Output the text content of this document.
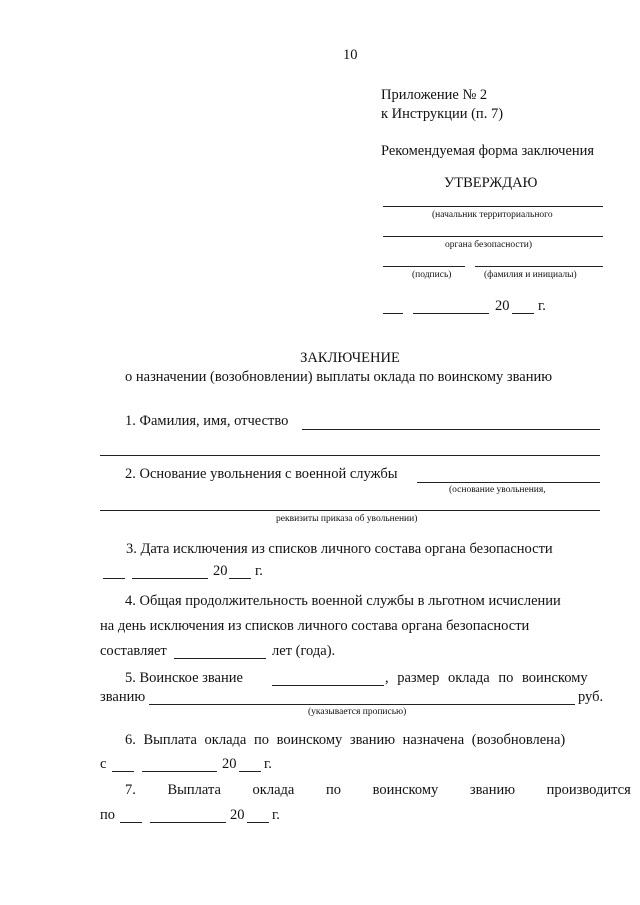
10
Приложение № 2
к Инструкции (п. 7)
Рекомендуемая форма заключения
УТВЕРЖДАЮ
(начальник территориального
органа безопасности)
(подпись)	(фамилия и инициалы)
20 г.
ЗАКЛЮЧЕНИЕ
о назначении (возобновлении) выплаты оклада по воинскому званию
1. Фамилия, имя, отчество
2. Основание увольнения с военной службы
(основание увольнения,
реквизиты приказа об увольнении)
3. Дата исключения из списков личного состава органа безопасности
20 г.
4. Общая продолжительность военной службы в льготном исчислении
на день исключения из списков личного состава органа безопасности
составляет	лет (года).
5. Воинское звание	, размер оклада по воинскому
званию	руб.
(указывается прописью)
6. Выплата оклада по воинскому званию назначена (возобновлена)
с	20 г.
7. Выплата оклада по воинскому званию производится
по	20 г.
